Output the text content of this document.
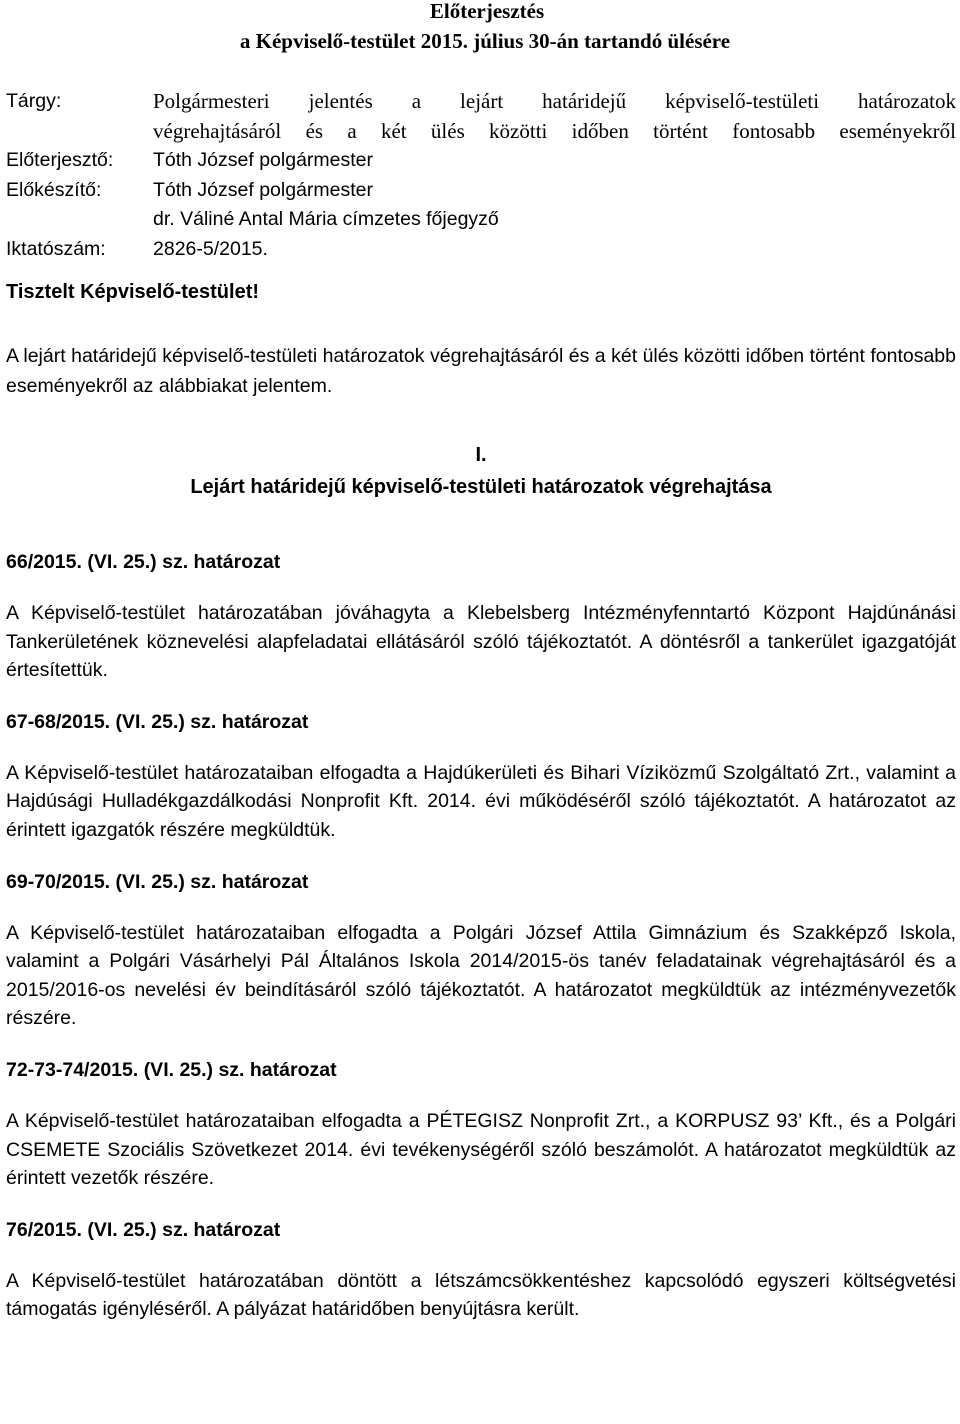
Előterjesztés
a Képviselő-testület 2015. július 30-án tartandó ülésére
Tárgy:	Polgármesteri jelentés a lejárt határidejű képviselő-testületi határozatok
végrehajtásáról és a két ülés közötti időben történt fontosabb eseményekről
Előterjesztő:	Tóth József polgármester
Előkészítő:	Tóth József polgármester
dr. Váliné Antal Mária címzetes főjegyző
Iktatószám:	2826-5/2015.
Tisztelt Képviselő-testület!
A lejárt határidejű képviselő-testületi határozatok végrehajtásáról és a két ülés közötti időben történt fontosabb eseményekről az alábbiakat jelentem.
I.
Lejárt határidejű képviselő-testületi határozatok végrehajtása
66/2015. (VI. 25.) sz. határozat
A Képviselő-testület határozatában jóváhagyta a Klebelsberg Intézményfenntartó Központ Hajdúnánási Tankerületének köznevelési alapfeladatai ellátásáról szóló tájékoztatót. A döntésről a tankerület igazgatóját értesítettük.
67-68/2015. (VI. 25.) sz. határozat
A Képviselő-testület határozataiban elfogadta a Hajdúkerületi és Bihari Víziközmű Szolgáltató Zrt., valamint a Hajdúsági Hulladékgazdálkodási Nonprofit Kft. 2014. évi működéséről szóló tájékoztatót. A határozatot az érintett igazgatók részére megküldtük.
69-70/2015. (VI. 25.) sz. határozat
A Képviselő-testület határozataiban elfogadta a Polgári József Attila Gimnázium és Szakképző Iskola, valamint a Polgári Vásárhelyi Pál Általános Iskola 2014/2015-ös tanév feladatainak végrehajtásáról és a 2015/2016-os nevelési év beindításáról szóló tájékoztatót. A határozatot megküldtük az intézményvezetők részére.
72-73-74/2015. (VI. 25.) sz. határozat
A Képviselő-testület határozataiban elfogadta a PÉTEGISZ Nonprofit Zrt., a KORPUSZ 93’ Kft., és a Polgári CSEMETE Szociális Szövetkezet 2014. évi tevékenységéről szóló beszámolót. A határozatot megküldtük az érintett vezetők részére.
76/2015. (VI. 25.) sz. határozat
A Képviselő-testület határozatában döntött a létszámcsökkentéshez kapcsolódó egyszeri költségvetési támogatás igényléséről. A pályázat határidőben benyújtásra került.
